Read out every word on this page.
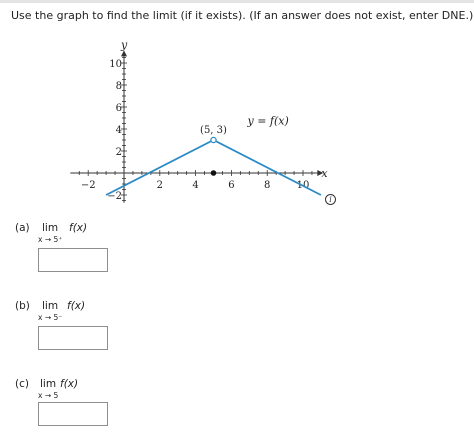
Use the graph to find the limit (if it exists). (If an answer does not exist, enter DNE.)
−2	2	4	6	8	10
10
8
6
4
2
−2
x
y
y = f(x)
(5, 3)
i
(a) lim f(x)
x → 5⁺
(b) lim f(x)
x → 5⁻
(c) lim f(x)
x → 5
